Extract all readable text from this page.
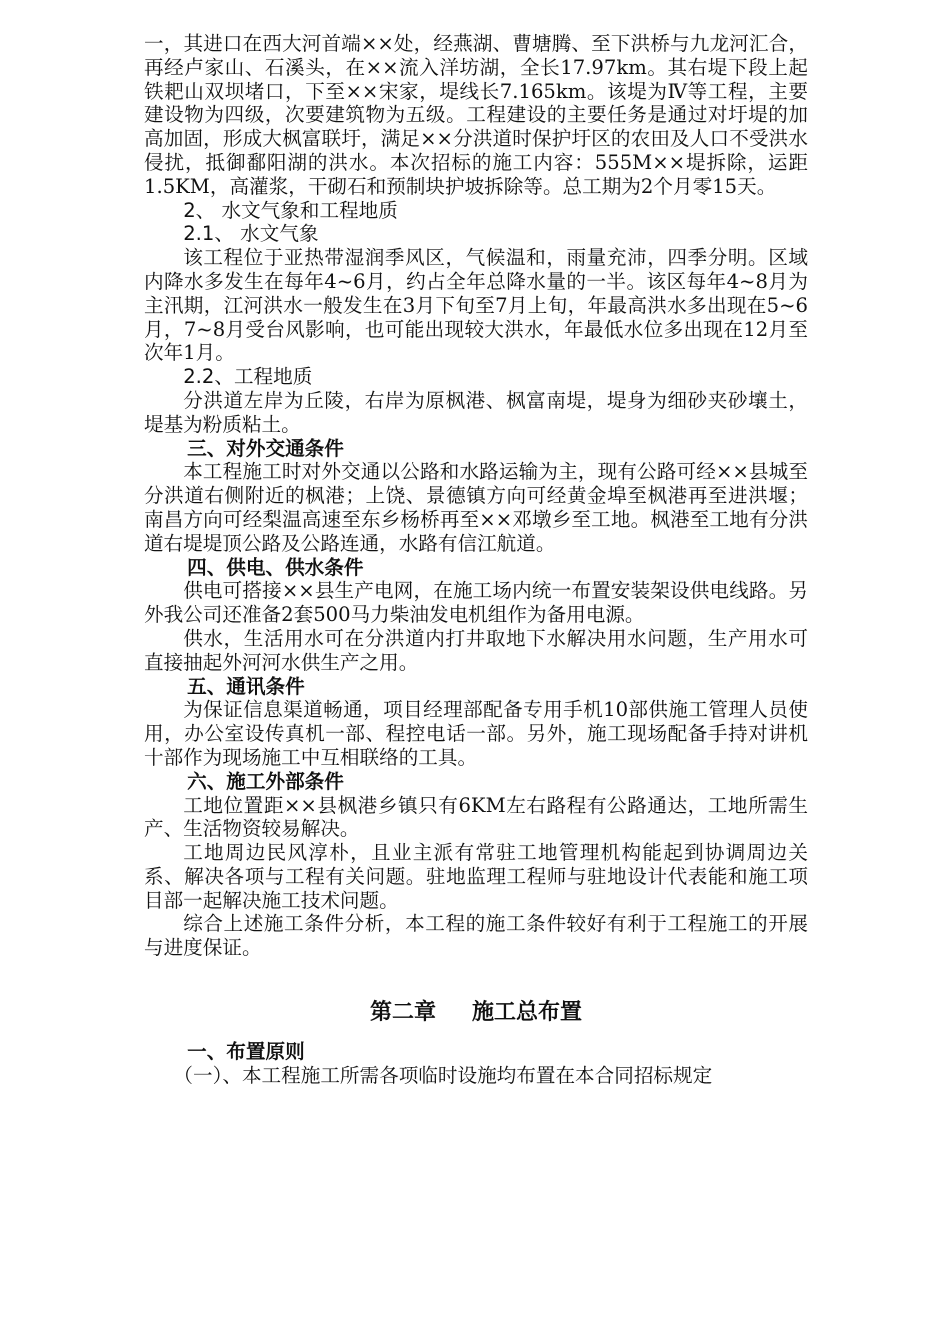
一，其进口在西大河首端××处，经燕湖、曹塘腾、至下洪桥与九龙河汇合，再经卢家山、石溪头，在××流入洋坊湖，全长17.97km。其右堤下段上起铁耙山双坝堵口，下至××宋家，堤线长7.165km。该堤为Ⅳ等工程，主要建设物为四级，次要建筑物为五级。工程建设的主要任务是通过对圩堤的加高加固，形成大枫富联圩，满足××分洪道时保护圩区的农田及人口不受洪水侵扰，抵御鄱阳湖的洪水。本次招标的施工内容：555M××堤拆除，运距1.5KM，高灌浆，干砌石和预制块护坡拆除等。总工期为2个月零15天。

2、 水文气象和工程地质

2.1、 水文气象

该工程位于亚热带湿润季风区，气候温和，雨量充沛，四季分明。区域内降水多发生在每年4~6月，约占全年总降水量的一半。该区每年4~8月为主汛期，江河洪水一般发生在3月下旬至7月上旬，年最高洪水多出现在5~6月，7~8月受台风影响，也可能出现较大洪水，年最低水位多出现在12月至次年1月。

2.2、工程地质

分洪道左岸为丘陵，右岸为原枫港、枫富南堤，堤身为细砂夹砂壤土，堤基为粉质粘土。

三、对外交通条件

本工程施工时对外交通以公路和水路运输为主，现有公路可经××县城至分洪道右侧附近的枫港；上饶、景德镇方向可经黄金埠至枫港再至进洪堰；南昌方向可经梨温高速至东乡杨桥再至××邓墩乡至工地。枫港至工地有分洪道右堤堤顶公路及公路连通，水路有信江航道。

四、供电、供水条件

供电可搭接××县生产电网，在施工场内统一布置安装架设供电线路。另外我公司还准备2套500马力柴油发电机组作为备用电源。

供水，生活用水可在分洪道内打井取地下水解决用水问题，生产用水可直接抽起外河河水供生产之用。

五、通讯条件

为保证信息渠道畅通，项目经理部配备专用手机10部供施工管理人员使用，办公室设传真机一部、程控电话一部。另外，施工现场配备手持对讲机十部作为现场施工中互相联络的工具。

六、施工外部条件

工地位置距××县枫港乡镇只有6KM左右路程有公路通达，工地所需生产、生活物资较易解决。

工地周边民风淳朴，且业主派有常驻工地管理机构能起到协调周边关系、解决各项与工程有关问题。驻地监理工程师与驻地设计代表能和施工项目部一起解决施工技术问题。

综合上述施工条件分析，本工程的施工条件较好有利于工程施工的开展与进度保证。

第二章 施工总布置

一、布置原则

（一）、本工程施工所需各项临时设施均布置在本合同招标规定
